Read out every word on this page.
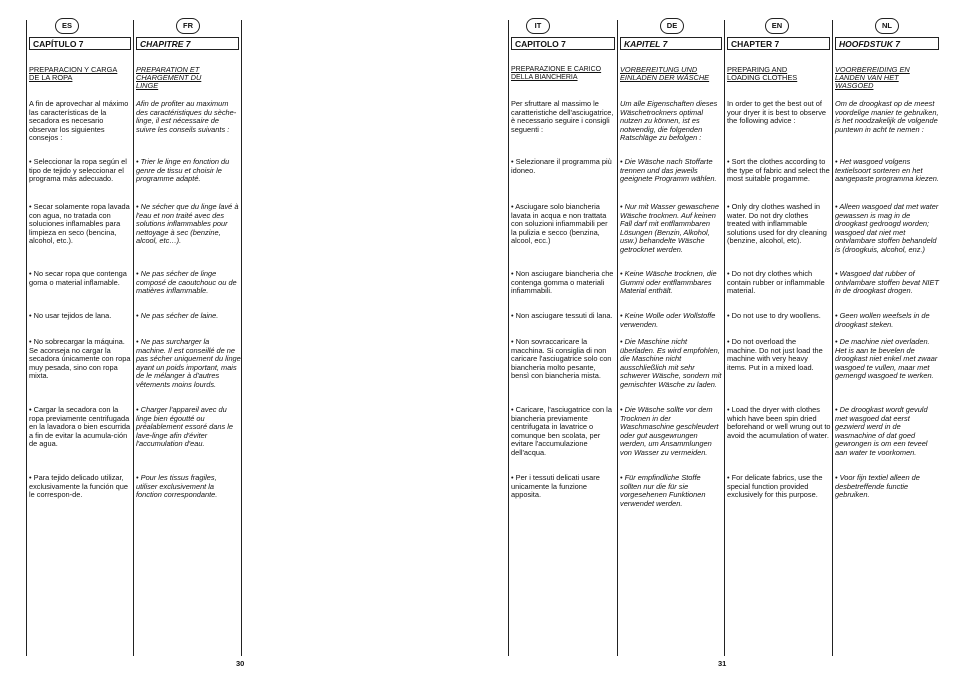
ES
CAPÍTULO 7
PREPARACION Y CARGA DE LA ROPA
A fin de aprovechar al máximo las características de la secadora es necesario observar los siguientes consejos :
• Seleccionar la ropa según el tipo de tejido y seleccionar el programa más adecuado.
• Secar solamente ropa lavada con agua, no tratada con soluciones inflamables para limpieza en seco (bencina, alcohol, etc.).
• No secar ropa que contenga goma o material inflamable.
• No usar tejidos de lana.
• No sobrecargar la máquina. Se aconseja no cargar la secadora únicamente con ropa muy pesada, sino con ropa mixta.
• Cargar la secadora con la ropa previamente centrifugada en la lavadora o bien escurrida a fin de evitar la acumula-ción de agua.
• Para tejido delicado utilizar, exclusivamente la función que le correspon-de.
FR
CHAPITRE 7
PREPARATION ET CHARGEMENT DU LINGE
Afin de profiter au maximum des caractéristiques du sèche-linge, il est nécessaire de suivre les conseils suivants :
• Trier le linge en fonction du genre de tissu et choisir le programme adapté.
• Ne sécher que du linge lavé à l'eau et non traité avec des solutions inflammables pour nettoyage à sec (benzine, alcool, etc…).
• Ne pas sécher de linge composé de caoutchouc ou de matières inflammable.
• Ne pas sécher de laine.
• Ne pas surcharger la machine. Il est conseillé de ne pas sécher uniquement du linge ayant un poids important, mais de le mélanger à d'autres vêtements moins lourds.
• Charger l'appareil avec du linge bien égoutté ou préalablement essoré dans le lave-linge afin d'éviter l'accumulation d'eau.
• Pour les tissus fragiles, utiliser exclusivement la fonction correspondante.
IT
CAPITOLO 7
PREPARAZIONE E CARICO DELLA BIANCHERIA
Per sfruttare al massimo le caratteristiche dell'asciugatrice, è necessario seguire i consigli seguenti :
• Selezionare il programma più idoneo.
• Asciugare solo biancheria lavata in acqua e non trattata con soluzioni infiammabili per la pulizia e secco (benzina, alcool, ecc.)
• Non asciugare biancheria che contenga gomma o materiali infiammabili.
• Non asciugare tessuti di lana.
• Non sovraccaricare la macchina. Si consiglia di non caricare l'asciugatrice solo con biancheria molto pesante, bensì con biancheria mista.
• Caricare, l'asciugatrice con la biancheria previamente centrifugata in lavatrice o comunque ben scolata, per evitare l'accumulazione dell'acqua.
• Per i tessuti delicati usare unicamente la funzione apposita.
DE
KAPITEL 7
VORBEREITUNG UND EINLADEN DER WÄSCHE
Um alle Eigenschaften dieses Wäschetrockners optimal nutzen zu können, ist es notwendig, die folgenden Ratschläge zu befolgen :
• Die Wäsche nach Stoffarte trennen und das jeweils geeignete Programm wählen.
• Nur mit Wasser gewaschene Wäsche trocknen. Auf keinen Fall darf mit entflammbaren Lösungen (Benzin, Alkohol, usw.) behandelte Wäsche getrocknet werden.
• Keine Wäsche trocknen, die Gummi oder entflammbares Material enthält.
• Keine Wolle oder Wollstoffe verwenden.
• Die Maschine nicht überladen. Es wird empfohlen, die Maschine nicht ausschließlich mit sehr schwerer Wäsche, sondern mit gemischter Wäsche zu laden.
• Die Wäsche sollte vor dem Trocknen in der Waschmaschine geschleudert oder gut ausgewrungen werden, um Ansammlungen von Wasser zu vermeiden.
• Für empfindliche Stoffe sollten nur die für sie vorgesehenen Funktionen verwendet werden.
EN
CHAPTER 7
PREPARING AND LOADING CLOTHES
In order to get the best out of your dryer it is best to observe the following advice :
• Sort the clothes according to the type of fabric and select the most suitable progamme.
• Only dry clothes washed in water. Do not dry clothes treated with inflammable solutions used for dry cleaning (benzine, alcohol, etc).
• Do not dry clothes which contain rubber or inflammable material.
• Do not use to dry woollens.
• Do not overload the machine. Do not just load the machine with very heavy items. Put in a mixed load.
• Load the dryer with clothes which have been spin dried beforehand or well wrung out to avoid the acumulation of water.
• For delicate fabrics, use the special function provided exclusively for this purpose.
NL
HOOFDSTUK 7
VOORBEREIDING EN LANDEN VAN HET WASGOED
Om de droogkast op de meest voordelige manier te gebruiken, is het noodzakelijk de volgende puntewn in acht te nemen :
• Het wasgoed volgens textielsoort sorteren en het aangepaste programma kiezen.
• Alleen wasgoed dat met water gewassen is mag in de droogkast gedroogd worden; wasgoed dat niet met ontvlambare stoffen behandeld is (droogkuis, alcohol, enz.)
• Wasgoed dat rubber of ontvlambare stoffen bevat NIET in de droogkast drogen.
• Geen wollen weefsels in de droogkast steken.
• De machine niet overladen. Het is aan te bevelen de droogkast niet enkel met zwaar wasgoed te vullen, maar met gemengd wasgoed te werken.
• De droogkast wordt gevuld met wasgoed dat eerst gezwierd werd in de wasmachine of dat goed gewrongen is om een teveel aan water te voorkomen.
• Voor fijn textiel alleen de desbetreffende functie gebruiken.
30	31
